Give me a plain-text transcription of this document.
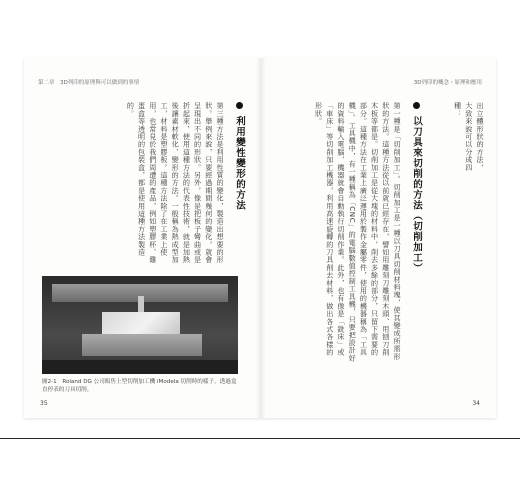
第二章　3D列印的原理與可以做到的事情
利用變性變形的方法
第三種方法是利用性質的變化，製造出想要的形狀。舉例來說，只要經過期間幾何的變化，就會呈現出不同的形狀。另外，像是把板子彎曲或是折起來，使用這種方法的代表性技術，就是加熱後讓素材軟化、變形的方法。一般稱為熱成型加工，材料是塑膠板。這種方法除了在工業上使用，也常見於我們周遭的產品，例如塑膠杯、雞蛋盒等透明的包裝盒，都是使用這種方法製造的。
圖2-1　Roland DG 公司販售上型切削加工機 iModela 切削時的樣子。透過盒直停表的刀具切削。
35
3D列印的概念・原理和應用
出立體形狀的方法，大致來說可以分成四種：
以刀具來切削的方法（切削加工）
第一種是「切削加工」。切削加工是一種以刀具切削材料塊，使其變成所需形狀的方法。這種方法從以前就已經存在，譬如用雕刻刀雕刻木頭、用刨刀削木板等都是。切削加工是從大塊的材料中，削去多餘的部分，只留下需要的部分。這種方法在工業上廣泛運用於製作金屬零件，使用的機器稱為「工具機」。工具機中，有一種稱為「CNC」的電腦數值控制工具機，只要把設計好的資料輸入電腦，機器就會自動執行切削作業。此外，也有像是「銑床」或「車床」等切削加工機器，利用高速旋轉的刀具削去材料，做出各式各樣的形狀。
34
